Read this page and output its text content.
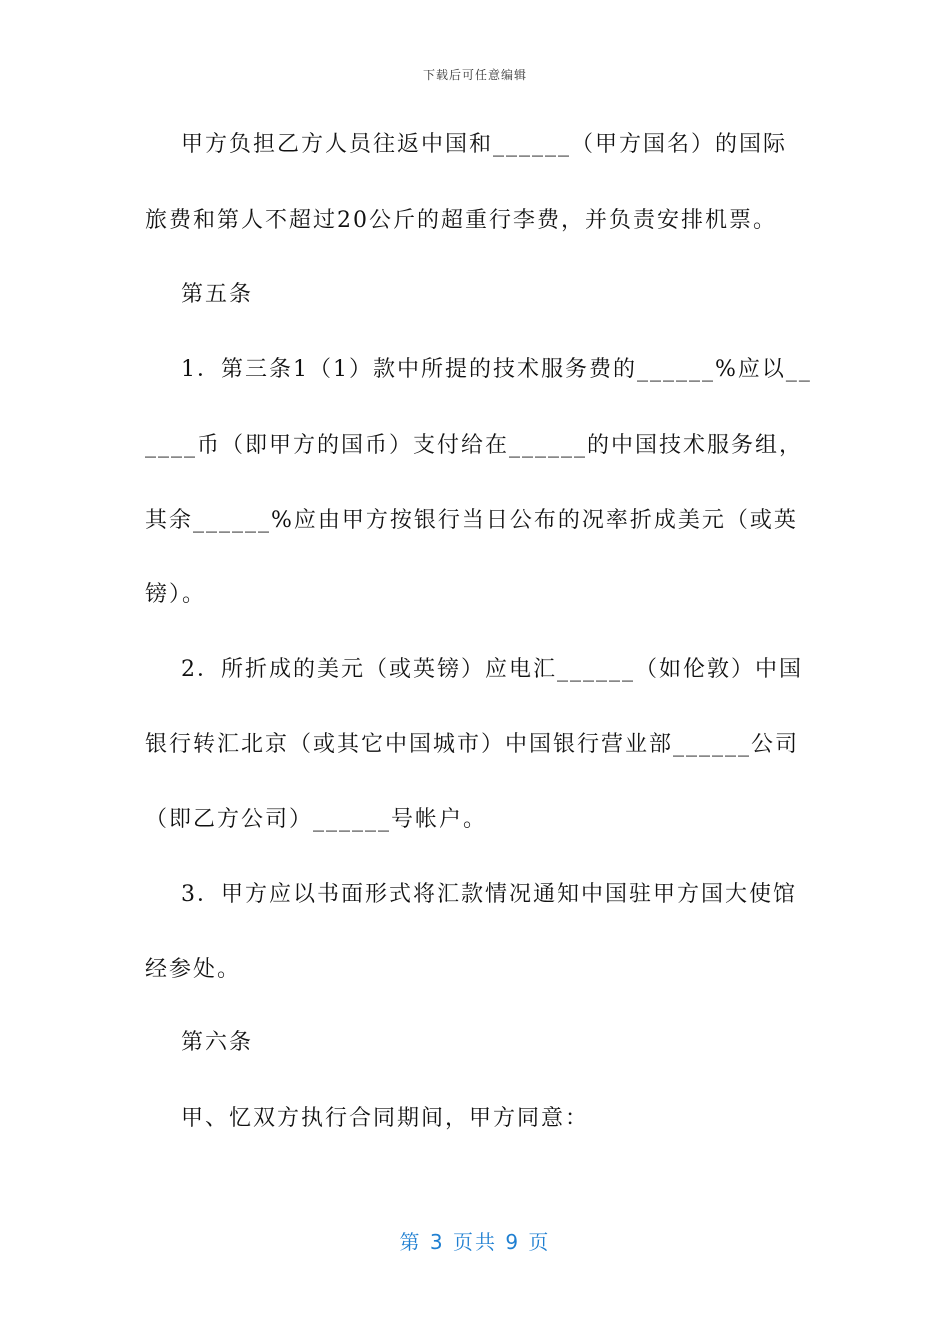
下载后可任意编辑
甲方负担乙方人员往返中国和______（甲方国名）的国际
旅费和第人不超过20公斤的超重行李费，并负责安排机票。
第五条
1．第三条1（1）款中所提的技术服务费的______%应以__
____币（即甲方的国币）支付给在______的中国技术服务组，
其余______%应由甲方按银行当日公布的况率折成美元（或英
镑）。
2．所折成的美元（或英镑）应电汇______（如伦敦）中国
银行转汇北京（或其它中国城市）中国银行营业部______公司
（即乙方公司）______号帐户。
3．甲方应以书面形式将汇款情况通知中国驻甲方国大使馆
经参处。
第六条
甲、忆双方执行合同期间，甲方同意：
第 3 页共 9 页
